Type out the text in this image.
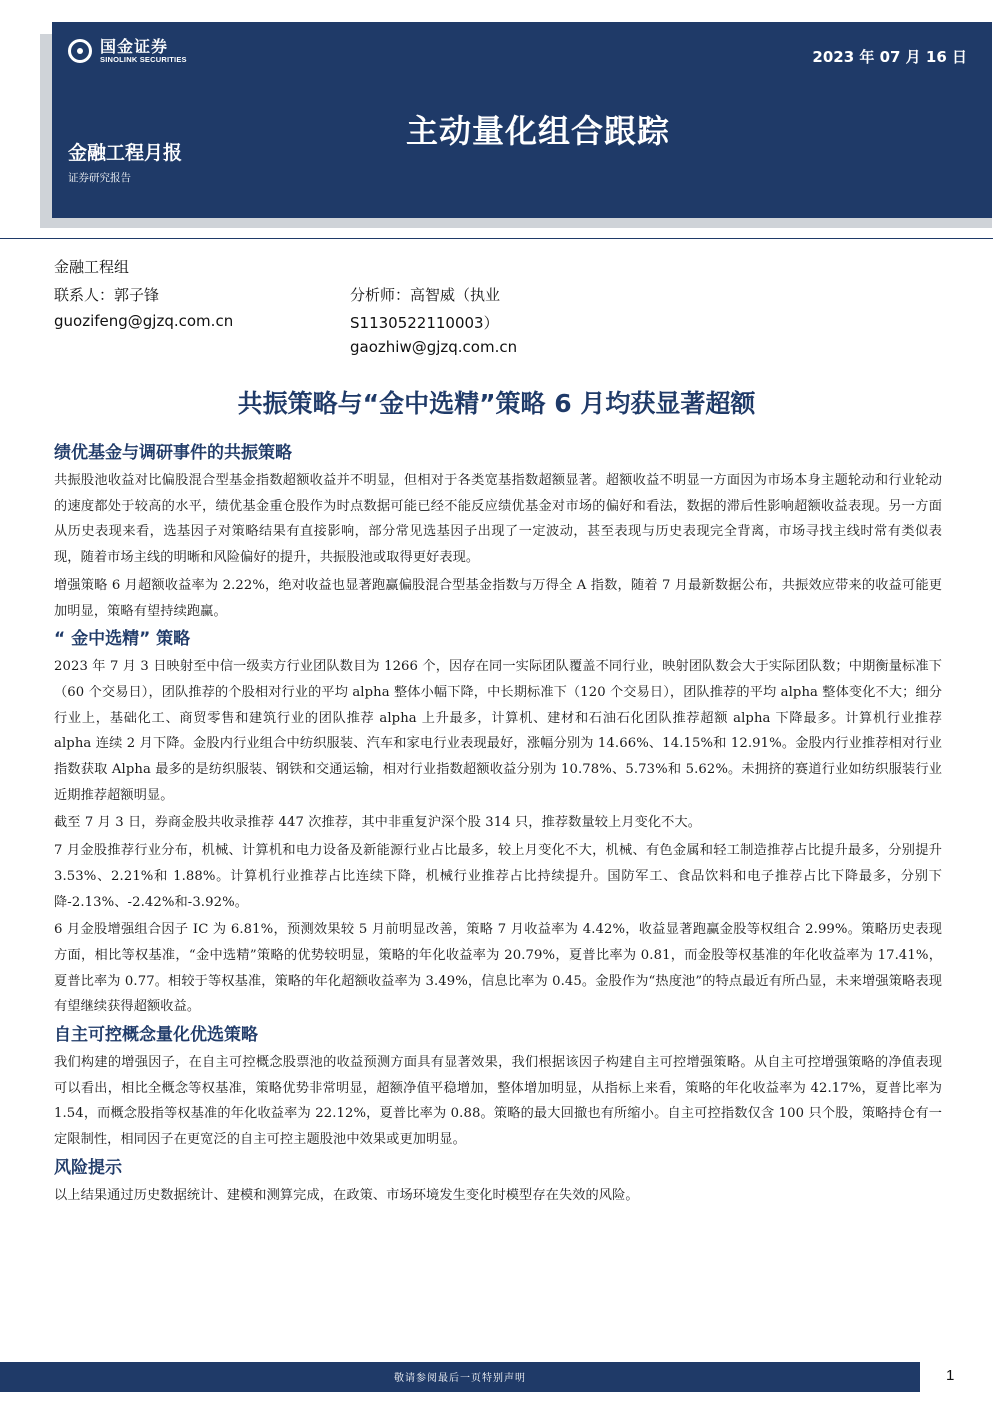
国金证券
SINOLINK SECURITIES	2023 年 07 月 16 日
主动量化组合跟踪
金融工程月报
证券研究报告
金融工程组
联系人：郭子锋
guozifeng@gjzq.com.cn
分析师：高智威（执业
S1130522110003）
gaozhiw@gjzq.com.cn
共振策略与“金中选精”策略 6 月均获显著超额
绩优基金与调研事件的共振策略

共振股池收益对比偏股混合型基金指数超额收益并不明显，但相对于各类宽基指数超额显著。超额收益不明显一方面因为市场本身主题轮动和行业轮动的速度都处于较高的水平，绩优基金重仓股作为时点数据可能已经不能反应绩优基金对市场的偏好和看法，数据的滞后性影响超额收益表现。另一方面从历史表现来看，选基因子对策略结果有直接影响，部分常见选基因子出现了一定波动，甚至表现与历史表现完全背离，市场寻找主线时常有类似表现，随着市场主线的明晰和风险偏好的提升，共振股池或取得更好表现。

增强策略 6 月超额收益率为 2.22%，绝对收益也显著跑赢偏股混合型基金指数与万得全 A 指数，随着 7 月最新数据公布，共振效应带来的收益可能更加明显，策略有望持续跑赢。

“ 金中选精” 策略

2023 年 7 月 3 日映射至中信一级卖方行业团队数目为 1266 个，因存在同一实际团队覆盖不同行业，映射团队数会大于实际团队数；中期衡量标准下（60 个交易日），团队推荐的个股相对行业的平均 alpha 整体小幅下降，中长期标准下（120 个交易日），团队推荐的平均 alpha 整体变化不大；细分行业上，基础化工、商贸零售和建筑行业的团队推荐 alpha 上升最多，计算机、建材和石油石化团队推荐超额 alpha 下降最多。计算机行业推荐 alpha 连续 2 月下降。金股内行业组合中纺织服装、汽车和家电行业表现最好，涨幅分别为 14.66%、14.15%和 12.91%。金股内行业推荐相对行业指数获取 Alpha 最多的是纺织服装、钢铁和交通运输，相对行业指数超额收益分别为 10.78%、5.73%和 5.62%。未拥挤的赛道行业如纺织服装行业近期推荐超额明显。

截至 7 月 3 日，券商金股共收录推荐 447 次推荐，其中非重复沪深个股 314 只，推荐数量较上月变化不大。

7 月金股推荐行业分布，机械、计算机和电力设备及新能源行业占比最多，较上月变化不大，机械、有色金属和轻工制造推荐占比提升最多，分别提升 3.53%、2.21%和 1.88%。计算机行业推荐占比连续下降，机械行业推荐占比持续提升。国防军工、食品饮料和电子推荐占比下降最多，分别下降-2.13%、-2.42%和-3.92%。

6 月金股增强组合因子 IC 为 6.81%，预测效果较 5 月前明显改善，策略 7 月收益率为 4.42%，收益显著跑赢金股等权组合 2.99%。策略历史表现方面，相比等权基准，“金中选精”策略的优势较明显，策略的年化收益率为 20.79%，夏普比率为 0.81，而金股等权基准的年化收益率为 17.41%，夏普比率为 0.77。相较于等权基准，策略的年化超额收益率为 3.49%，信息比率为 0.45。金股作为“热度池”的特点最近有所凸显，未来增强策略表现有望继续获得超额收益。

自主可控概念量化优选策略

我们构建的增强因子，在自主可控概念股票池的收益预测方面具有显著效果，我们根据该因子构建自主可控增强策略。从自主可控增强策略的净值表现可以看出，相比全概念等权基准，策略优势非常明显，超额净值平稳增加，整体增加明显，从指标上来看，策略的年化收益率为 42.17%，夏普比率为 1.54，而概念股指等权基准的年化收益率为 22.12%，夏普比率为 0.88。策略的最大回撤也有所缩小。自主可控指数仅含 100 只个股，策略持仓有一定限制性，相同因子在更宽泛的自主可控主题股池中效果或更加明显。

风险提示

以上结果通过历史数据统计、建模和测算完成，在政策、市场环境发生变化时模型存在失效的风险。

敬请参阅最后一页特别声明	1
